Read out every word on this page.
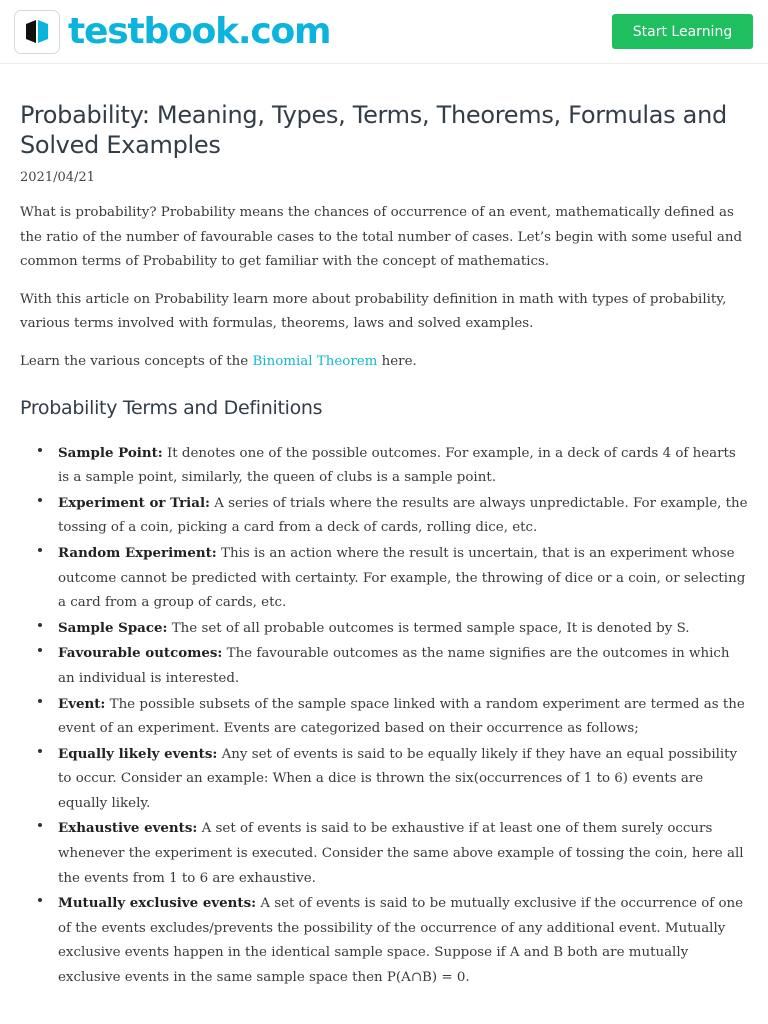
testbook.com	Start Learning
Probability: Meaning, Types, Terms, Theorems, Formulas and Solved Examples
2021/04/21

What is probability? Probability means the chances of occurrence of an event, mathematically defined as the ratio of the number of favourable cases to the total number of cases. Let’s begin with some useful and common terms of Probability to get familiar with the concept of mathematics.

With this article on Probability learn more about probability definition in math with types of probability, various terms involved with formulas, theorems, laws and solved examples.

Learn the various concepts of the Binomial Theorem here.

Probability Terms and Definitions
Sample Point: It denotes one of the possible outcomes. For example, in a deck of cards 4 of hearts is a sample point, similarly, the queen of clubs is a sample point.
Experiment or Trial: A series of trials where the results are always unpredictable. For example, the tossing of a coin, picking a card from a deck of cards, rolling dice, etc.
Random Experiment: This is an action where the result is uncertain, that is an experiment whose outcome cannot be predicted with certainty. For example, the throwing of dice or a coin, or selecting a card from a group of cards, etc.
Sample Space: The set of all probable outcomes is termed sample space, It is denoted by S.
Favourable outcomes: The favourable outcomes as the name signifies are the outcomes in which an individual is interested.
Event: The possible subsets of the sample space linked with a random experiment are termed as the event of an experiment. Events are categorized based on their occurrence as follows;
Equally likely events: Any set of events is said to be equally likely if they have an equal possibility to occur. Consider an example: When a dice is thrown the six(occurrences of 1 to 6) events are equally likely.
Exhaustive events: A set of events is said to be exhaustive if at least one of them surely occurs whenever the experiment is executed. Consider the same above example of tossing the coin, here all the events from 1 to 6 are exhaustive.
Mutually exclusive events: A set of events is said to be mutually exclusive if the occurrence of one of the events excludes/prevents the possibility of the occurrence of any additional event. Mutually exclusive events happen in the identical sample space. Suppose if A and B both are mutually exclusive events in the same sample space then P(A∩B) = 0.
